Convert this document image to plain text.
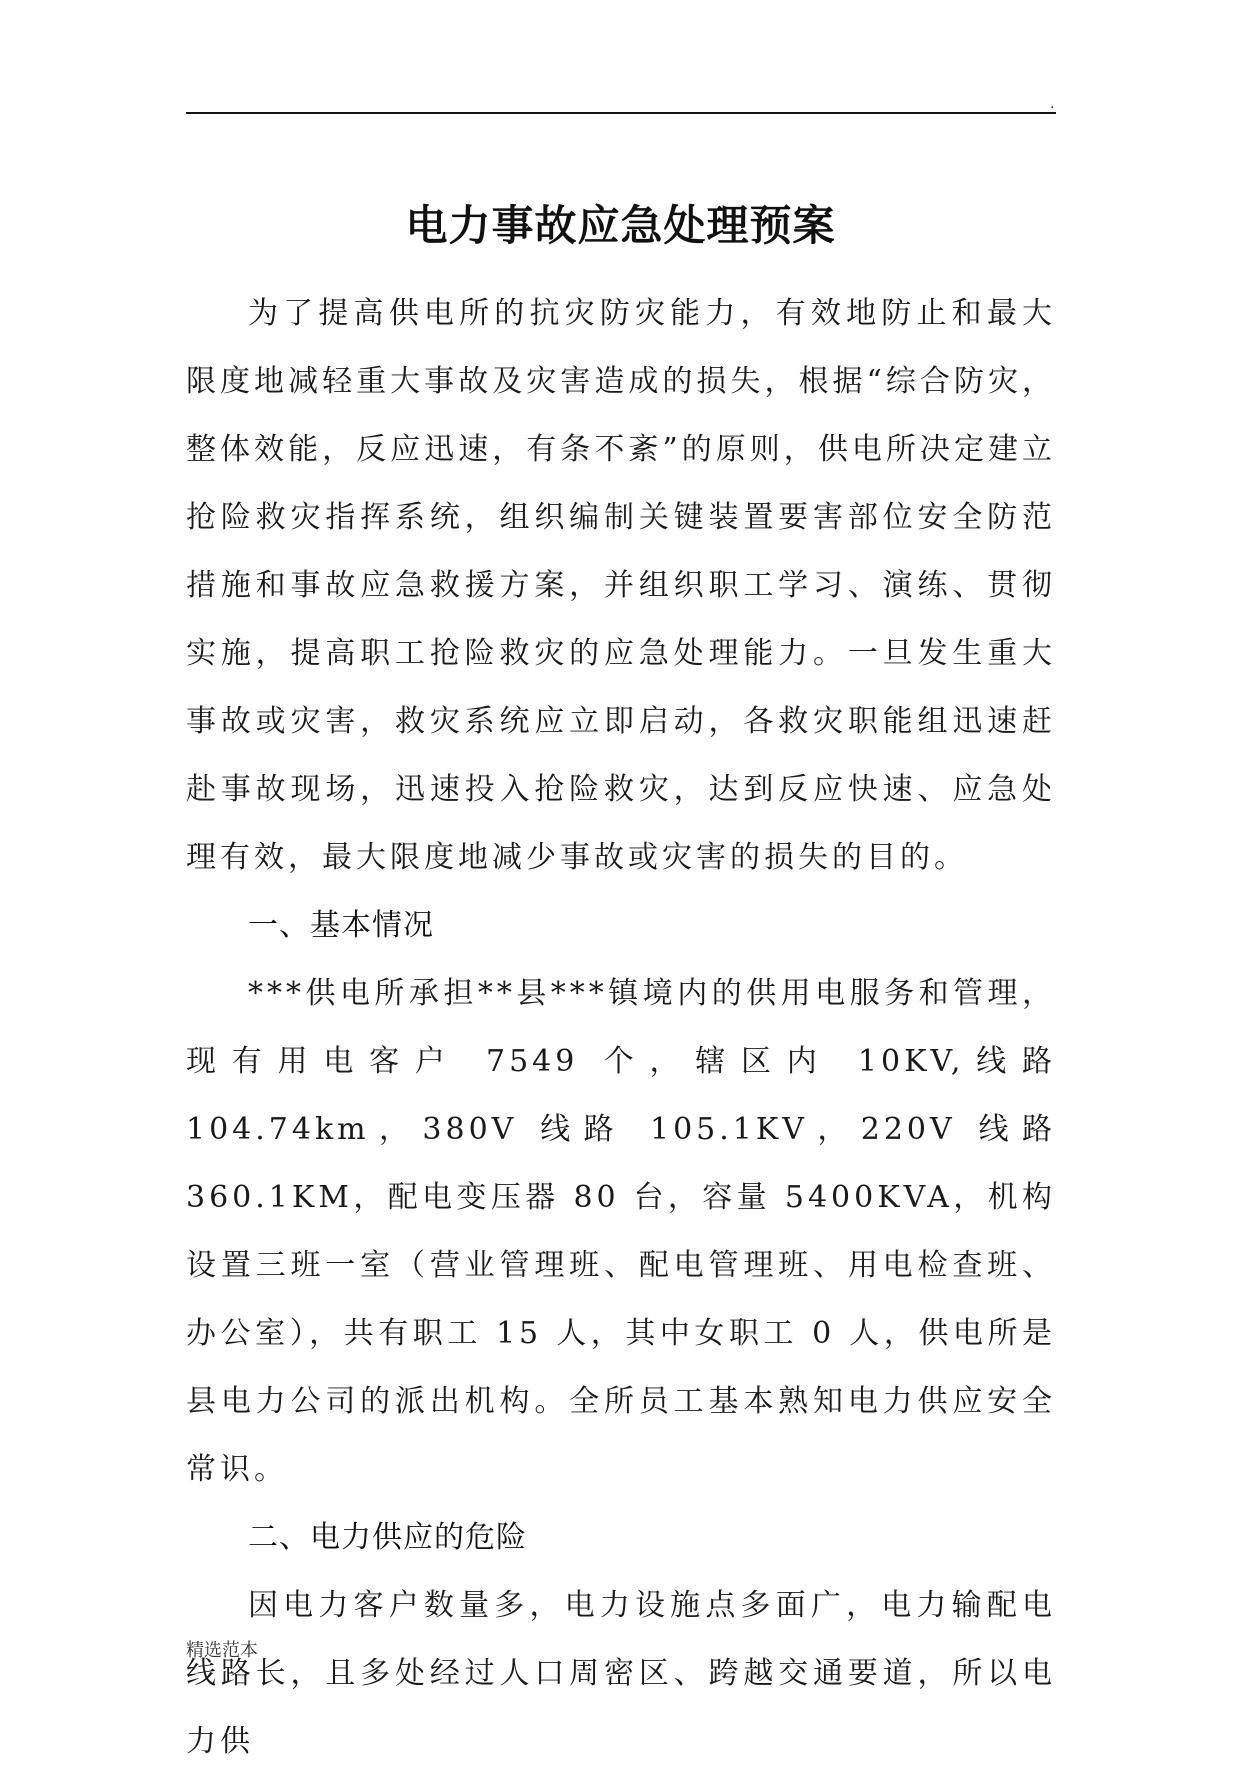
.
电力事故应急处理预案

为了提高供电所的抗灾防灾能力，有效地防止和最大限度地减轻重大事故及灾害造成的损失，根据“综合防灾，整体效能，反应迅速，有条不紊”的原则，供电所决定建立抢险救灾指挥系统，组织编制关键装置要害部位安全防范措施和事故应急救援方案，并组织职工学习、演练、贯彻实施，提高职工抢险救灾的应急处理能力。一旦发生重大事故或灾害，救灾系统应立即启动，各救灾职能组迅速赶赴事故现场，迅速投入抢险救灾，达到反应快速、应急处理有效，最大限度地减少事故或灾害的损失的目的。

一、基本情况

***供电所承担**县***镇境内的供用电服务和管理，现有用电客户 7549 个，辖区内 10KV,线路 104.74km，380V 线路 105.1KV，220V 线路 360.1KM，配电变压器 80 台，容量 5400KVA，机构设置三班一室（营业管理班、配电管理班、用电检查班、办公室），共有职工 15 人，其中女职工 0 人，供电所是县电力公司的派出机构。全所员工基本熟知电力供应安全常识。

二、电力供应的危险

因电力客户数量多，电力设施点多面广，电力输配电线路长，且多处经过人口周密区、跨越交通要道，所以电力供

精选范本
